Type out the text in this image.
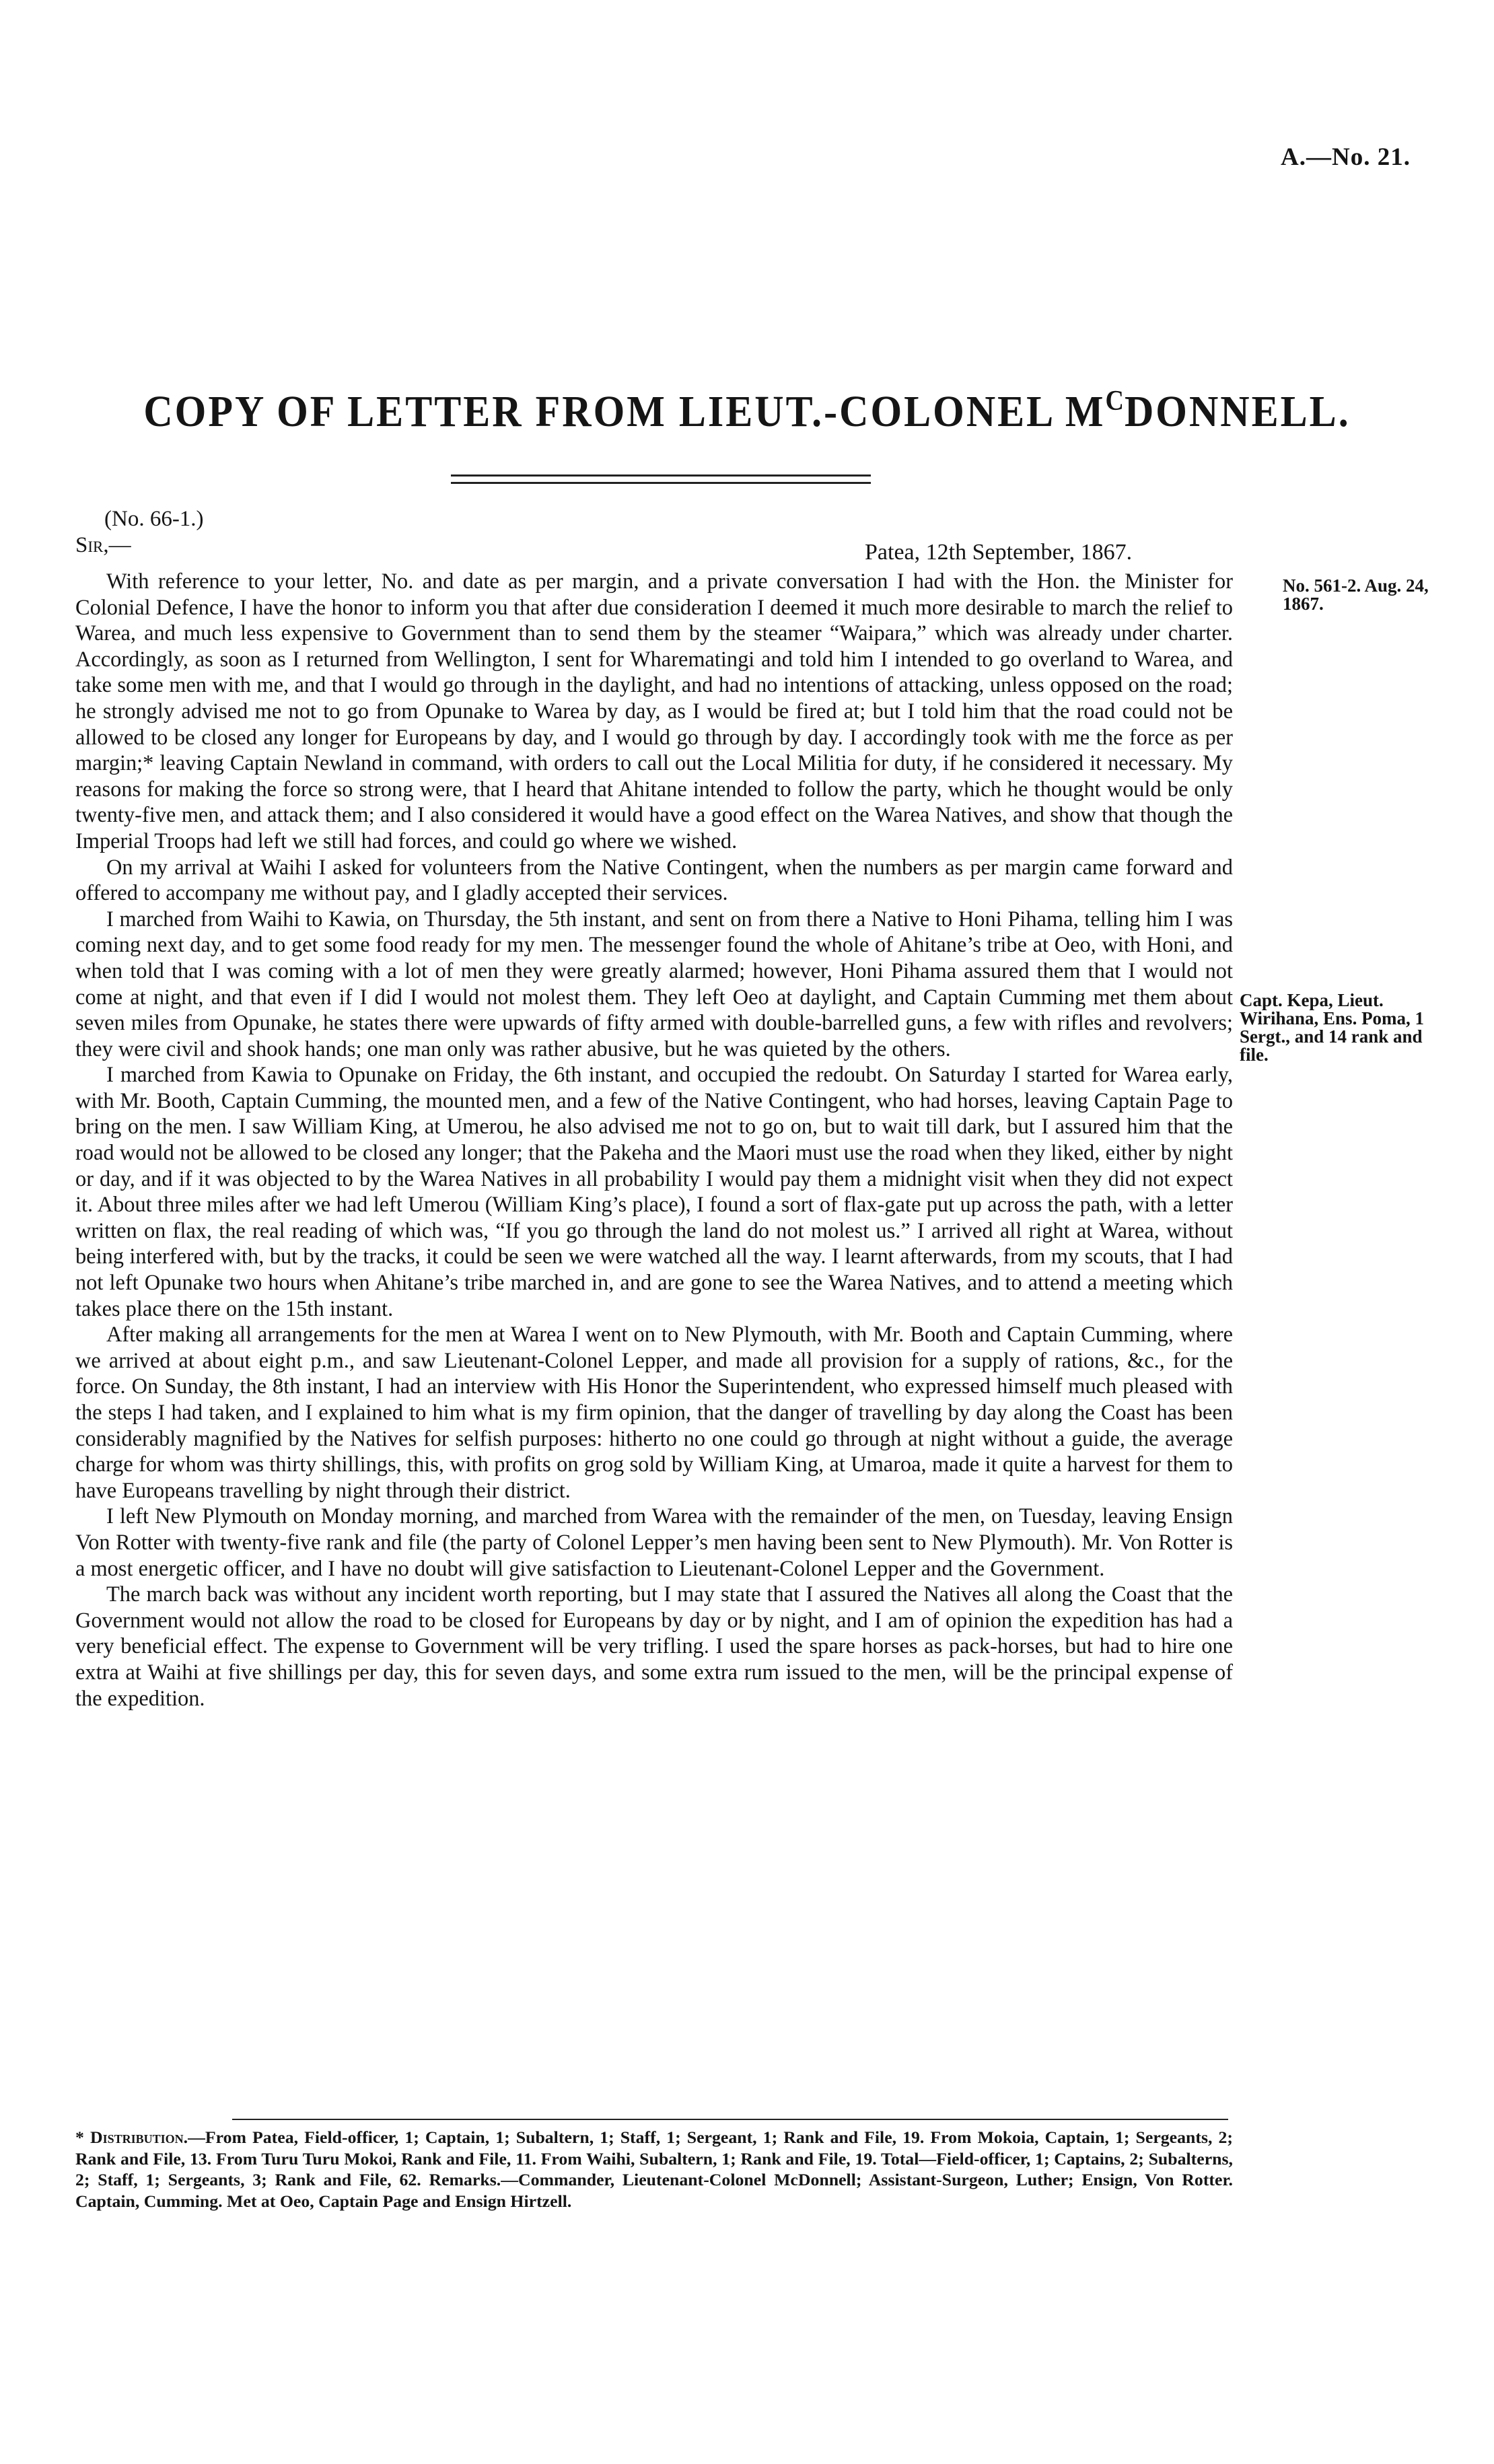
A.—No. 21.
COPY OF LETTER FROM LIEUT.-COLONEL $M^CDONNELL$.
(No. 66-1.)
Sir,—	Patea, 12th September, 1867.

With reference to your letter, No. and date as per margin, and a private conversation I had with the Hon. the Minister for Colonial Defence, I have the honor to inform you that after due consideration I deemed it much more desirable to march the relief to Warea, and much less expensive to Government than to send them by the steamer “Waipara,” which was already under charter. Accordingly, as soon as I returned from Wellington, I sent for Wharematingi and told him I intended to go overland to Warea, and take some men with me, and that I would go through in the daylight, and had no intentions of attacking, unless opposed on the road; he strongly advised me not to go from Opunake to Warea by day, as I would be fired at; but I told him that the road could not be allowed to be closed any longer for Europeans by day, and I would go through by day. I accordingly took with me the force as per margin;* leaving Captain Newland in command, with orders to call out the Local Militia for duty, if he considered it necessary. My reasons for making the force so strong were, that I heard that Ahitane intended to follow the party, which he thought would be only twenty-five men, and attack them; and I also considered it would have a good effect on the Warea Natives, and show that though the Imperial Troops had left we still had forces, and could go where we wished.

On my arrival at Waihi I asked for volunteers from the Native Contingent, when the numbers as per margin came forward and offered to accompany me without pay, and I gladly accepted their services.

I marched from Waihi to Kawia, on Thursday, the 5th instant, and sent on from there a Native to Honi Pihama, telling him I was coming next day, and to get some food ready for my men. The messenger found the whole of Ahitane’s tribe at Oeo, with Honi, and when told that I was coming with a lot of men they were greatly alarmed; however, Honi Pihama assured them that I would not come at night, and that even if I did I would not molest them. They left Oeo at daylight, and Captain Cumming met them about seven miles from Opunake, he states there were upwards of fifty armed with double-barrelled guns, a few with rifles and revolvers; they were civil and shook hands; one man only was rather abusive, but he was quieted by the others.

I marched from Kawia to Opunake on Friday, the 6th instant, and occupied the redoubt. On Saturday I started for Warea early, with Mr. Booth, Captain Cumming, the mounted men, and a few of the Native Contingent, who had horses, leaving Captain Page to bring on the men. I saw William King, at Umerou, he also advised me not to go on, but to wait till dark, but I assured him that the road would not be allowed to be closed any longer; that the Pakeha and the Maori must use the road when they liked, either by night or day, and if it was objected to by the Warea Natives in all probability I would pay them a midnight visit when they did not expect it. About three miles after we had left Umerou (William King’s place), I found a sort of flax-gate put up across the path, with a letter written on flax, the real reading of which was, “If you go through the land do not molest us.” I arrived all right at Warea, without being interfered with, but by the tracks, it could be seen we were watched all the way. I learnt afterwards, from my scouts, that I had not left Opunake two hours when Ahitane’s tribe marched in, and are gone to see the Warea Natives, and to attend a meeting which takes place there on the 15th instant.

After making all arrangements for the men at Warea I went on to New Plymouth, with Mr. Booth and Captain Cumming, where we arrived at about eight p.m., and saw Lieutenant-Colonel Lepper, and made all provision for a supply of rations, &c., for the force. On Sunday, the 8th instant, I had an interview with His Honor the Superintendent, who expressed himself much pleased with the steps I had taken, and I explained to him what is my firm opinion, that the danger of travelling by day along the Coast has been considerably magnified by the Natives for selfish purposes: hitherto no one could go through at night without a guide, the average charge for whom was thirty shillings, this, with profits on grog sold by William King, at Umaroa, made it quite a harvest for them to have Europeans travelling by night through their district.

I left New Plymouth on Monday morning, and marched from Warea with the remainder of the men, on Tuesday, leaving Ensign Von Rotter with twenty-five rank and file (the party of Colonel Lepper’s men having been sent to New Plymouth). Mr. Von Rotter is a most energetic officer, and I have no doubt will give satisfaction to Lieutenant-Colonel Lepper and the Government.

The march back was without any incident worth reporting, but I may state that I assured the Natives all along the Coast that the Government would not allow the road to be closed for Europeans by day or by night, and I am of opinion the expedition has had a very beneficial effect. The expense to Government will be very trifling. I used the spare horses as pack-horses, but had to hire one extra at Waihi at five shillings per day, this for seven days, and some extra rum issued to the men, will be the principal expense of the expedition.

No. 561-2. Aug. 24, 1867.
Capt. Kepa, Lieut. Wirihana, Ens. Poma, 1 Sergt., and 14 rank and file.
* Distribution.—From Patea, Field-officer, 1; Captain, 1; Subaltern, 1; Staff, 1; Sergeant, 1; Rank and File, 19. From Mokoia, Captain, 1; Sergeants, 2; Rank and File, 13. From Turu Turu Mokoi, Rank and File, 11. From Waihi, Subaltern, 1; Rank and File, 19. Total—Field-officer, 1; Captains, 2; Subalterns, 2; Staff, 1; Sergeants, 3; Rank and File, 62. Remarks.—Commander, Lieutenant-Colonel McDonnell; Assistant-Surgeon, Luther; Ensign, Von Rotter. Captain, Cumming. Met at Oeo, Captain Page and Ensign Hirtzell.
